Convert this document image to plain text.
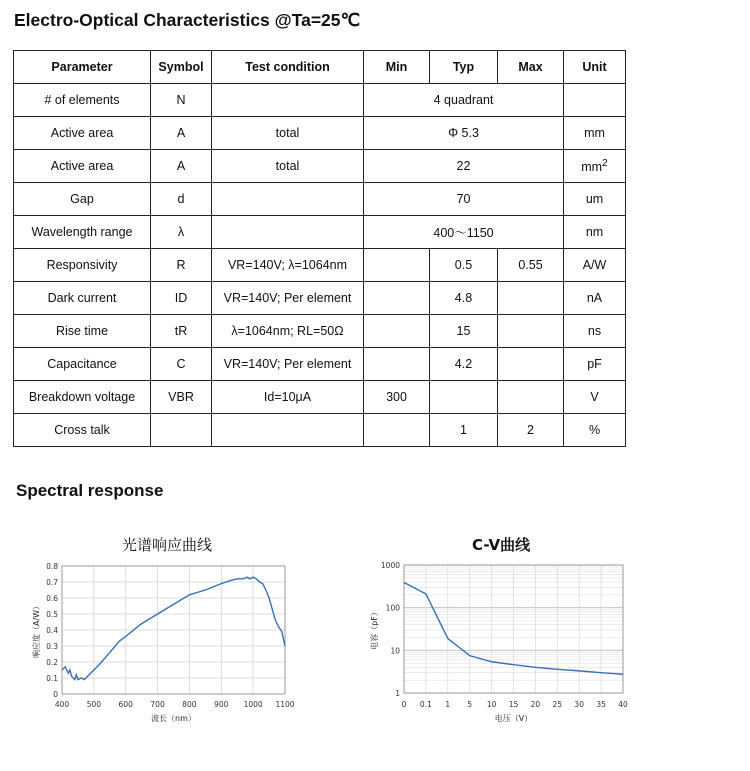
Electro-Optical Characteristics @Ta=25℃
Parameter	Symbol	Test condition	Min	Typ	Max	Unit
# of elements	N		4 quadrant			
Active area	A	total	Φ 5.3			mm
Active area	A	total	22			$mm^2$
Gap	d		70			um
Wavelength range	λ		400～1150			nm
Responsivity	R	VR=140V; λ=1064nm		0.5	0.55	A/W
Dark current	ID	VR=140V; Per element		4.8		nA
Rise time	tR	λ=1064nm; RL=50Ω		15		ns
Capacitance	C	VR=140V; Per element		4.2		pF
Breakdown voltage	VBR	Id=10μA	300			V
Cross talk				1	2	%
Spectral response
光谱响应曲线	C-V曲线
0
0.1
0.2
0.3
0.4
0.5
0.6
0.7
0.8
400 500 600 700 800 900 1000 1100
波长（nm）
响应度（A/W）
1
10
100
1000
0 0.1 1 5 10 15 20 25 30 35 40
电压（V）
电容（pF）
